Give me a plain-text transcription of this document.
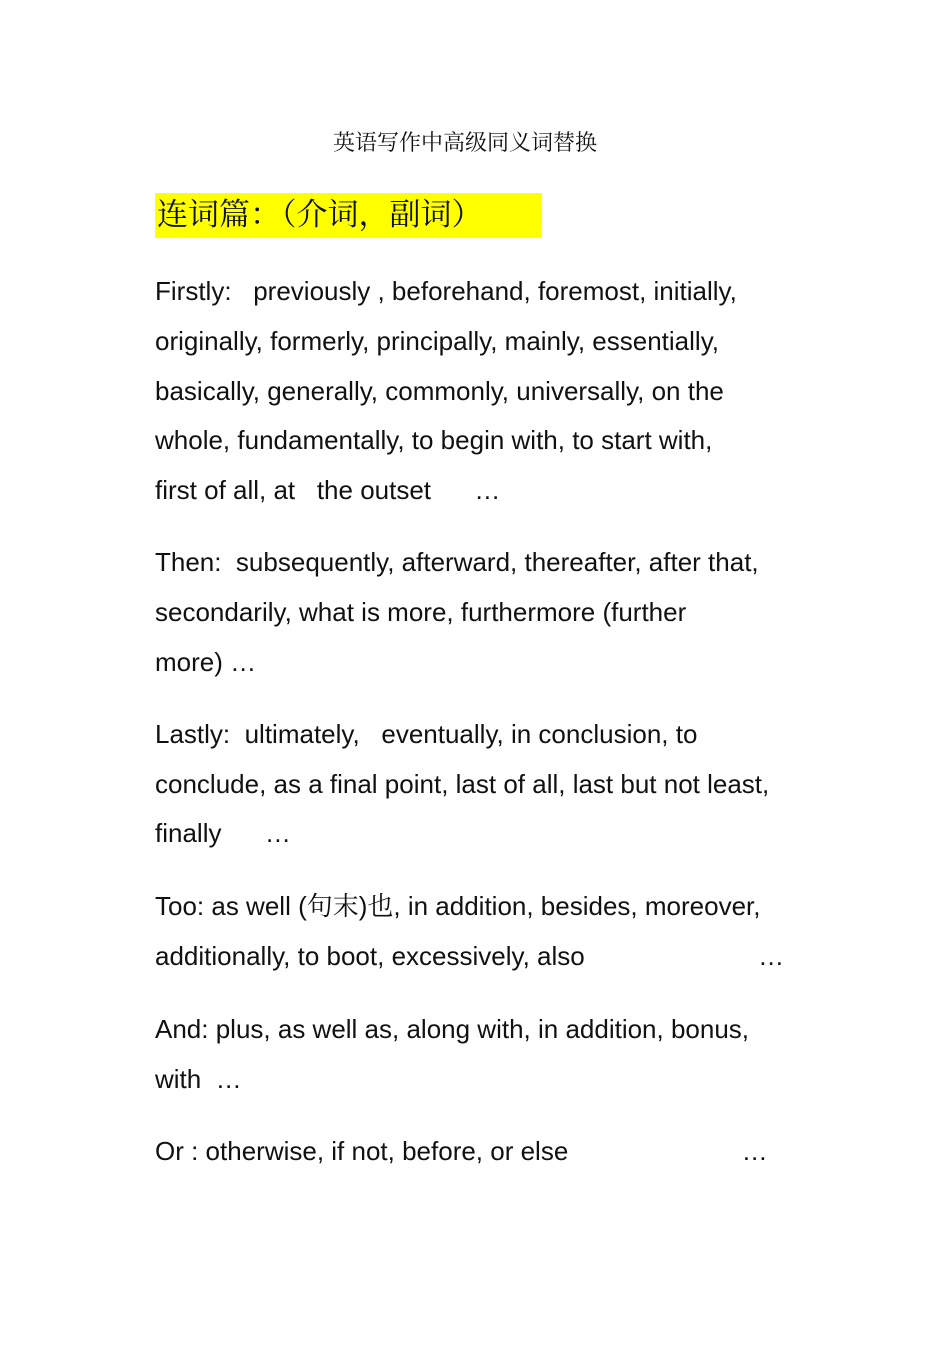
英语写作中高级同义词替换
连词篇：（介词，副词）
Firstly:   previously , beforehand, foremost, initially,
originally, formerly, principally, mainly, essentially,
basically, generally, commonly, universally, on the
whole, fundamentally, to begin with, to start with,
first of all, at   the outset      …
Then:  subsequently, afterward, thereafter, after that,
secondarily, what is more, furthermore (further
more) …
Lastly:  ultimately,   eventually, in conclusion, to
conclude, as a final point, last of all, last but not least,
finally      …
Too: as well (句末)也, in addition, besides, moreover,
additionally, to boot, excessively, also                        …
And: plus, as well as, along with, in addition, bonus,
with  …
Or : otherwise, if not, before, or else                        …
